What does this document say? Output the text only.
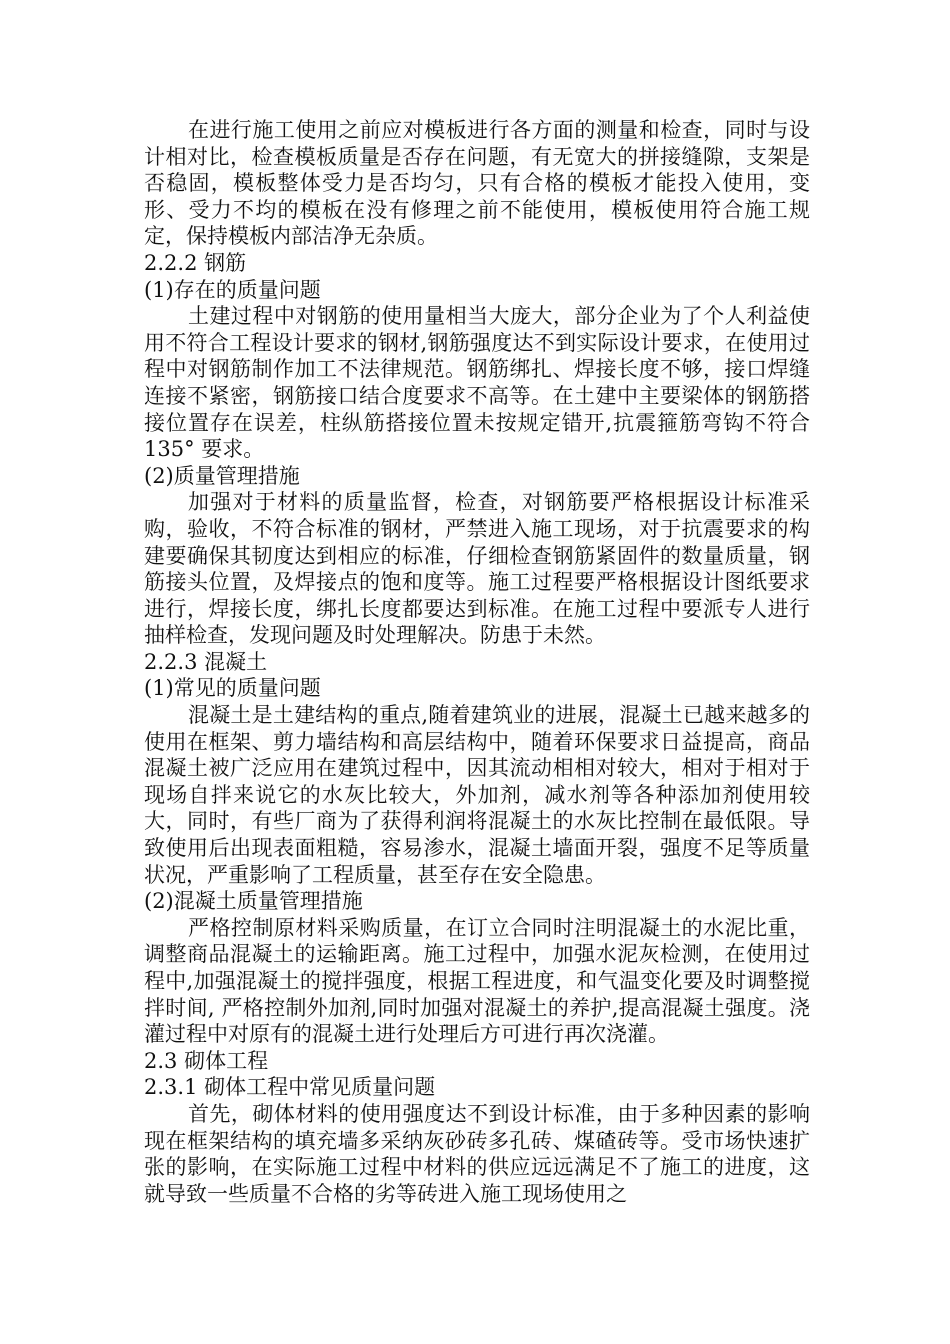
在进行施工使用之前应对模板进行各方面的测量和检查，同时与设计相对比，检查模板质量是否存在问题，有无宽大的拼接缝隙，支架是否稳固，模板整体受力是否均匀，只有合格的模板才能投入使用，变形、受力不均的模板在没有修理之前不能使用，模板使用符合施工规定，保持模板内部洁净无杂质。

2.2.2 钢筋

(1)存在的质量问题

土建过程中对钢筋的使用量相当大庞大，部分企业为了个人利益使用不符合工程设计要求的钢材,钢筋强度达不到实际设计要求，在使用过程中对钢筋制作加工不法律规范。钢筋绑扎、焊接长度不够，接口焊缝连接不紧密，钢筋接口结合度要求不高等。在土建中主要梁体的钢筋搭接位置存在误差，柱纵筋搭接位置未按规定错开,抗震箍筋弯钩不符合135° 要求。

(2)质量管理措施

加强对于材料的质量监督，检查，对钢筋要严格根据设计标准采购，验收，不符合标准的钢材，严禁进入施工现场，对于抗震要求的构建要确保其韧度达到相应的标准，仔细检查钢筋紧固件的数量质量，钢筋接头位置，及焊接点的饱和度等。施工过程要严格根据设计图纸要求进行，焊接长度，绑扎长度都要达到标准。在施工过程中要派专人进行抽样检查，发现问题及时处理解决。防患于未然。

2.2.3 混凝土

(1)常见的质量问题

混凝土是土建结构的重点,随着建筑业的进展，混凝土已越来越多的使用在框架、剪力墙结构和高层结构中，随着环保要求日益提高，商品混凝土被广泛应用在建筑过程中，因其流动相相对较大，相对于相对于现场自拌来说它的水灰比较大，外加剂，减水剂等各种添加剂使用较大，同时，有些厂商为了获得利润将混凝土的水灰比控制在最低限。导致使用后出现表面粗糙，容易渗水，混凝土墙面开裂，强度不足等质量状况，严重影响了工程质量，甚至存在安全隐患。

(2)混凝土质量管理措施

严格控制原材料采购质量，在订立合同时注明混凝土的水泥比重，调整商品混凝土的运输距离。施工过程中，加强水泥灰检测，在使用过程中,加强混凝土的搅拌强度，根据工程进度，和气温变化要及时调整搅拌时间, 严格控制外加剂,同时加强对混凝土的养护,提高混凝土强度。浇灌过程中对原有的混凝土进行处理后方可进行再次浇灌。

2.3 砌体工程

2.3.1 砌体工程中常见质量问题

首先，砌体材料的使用强度达不到设计标准，由于多种因素的影响现在框架结构的填充墙多采纳灰砂砖多孔砖、煤碴砖等。受市场快速扩张的影响，在实际施工过程中材料的供应远远满足不了施工的进度，这就导致一些质量不合格的劣等砖进入施工现场使用之
